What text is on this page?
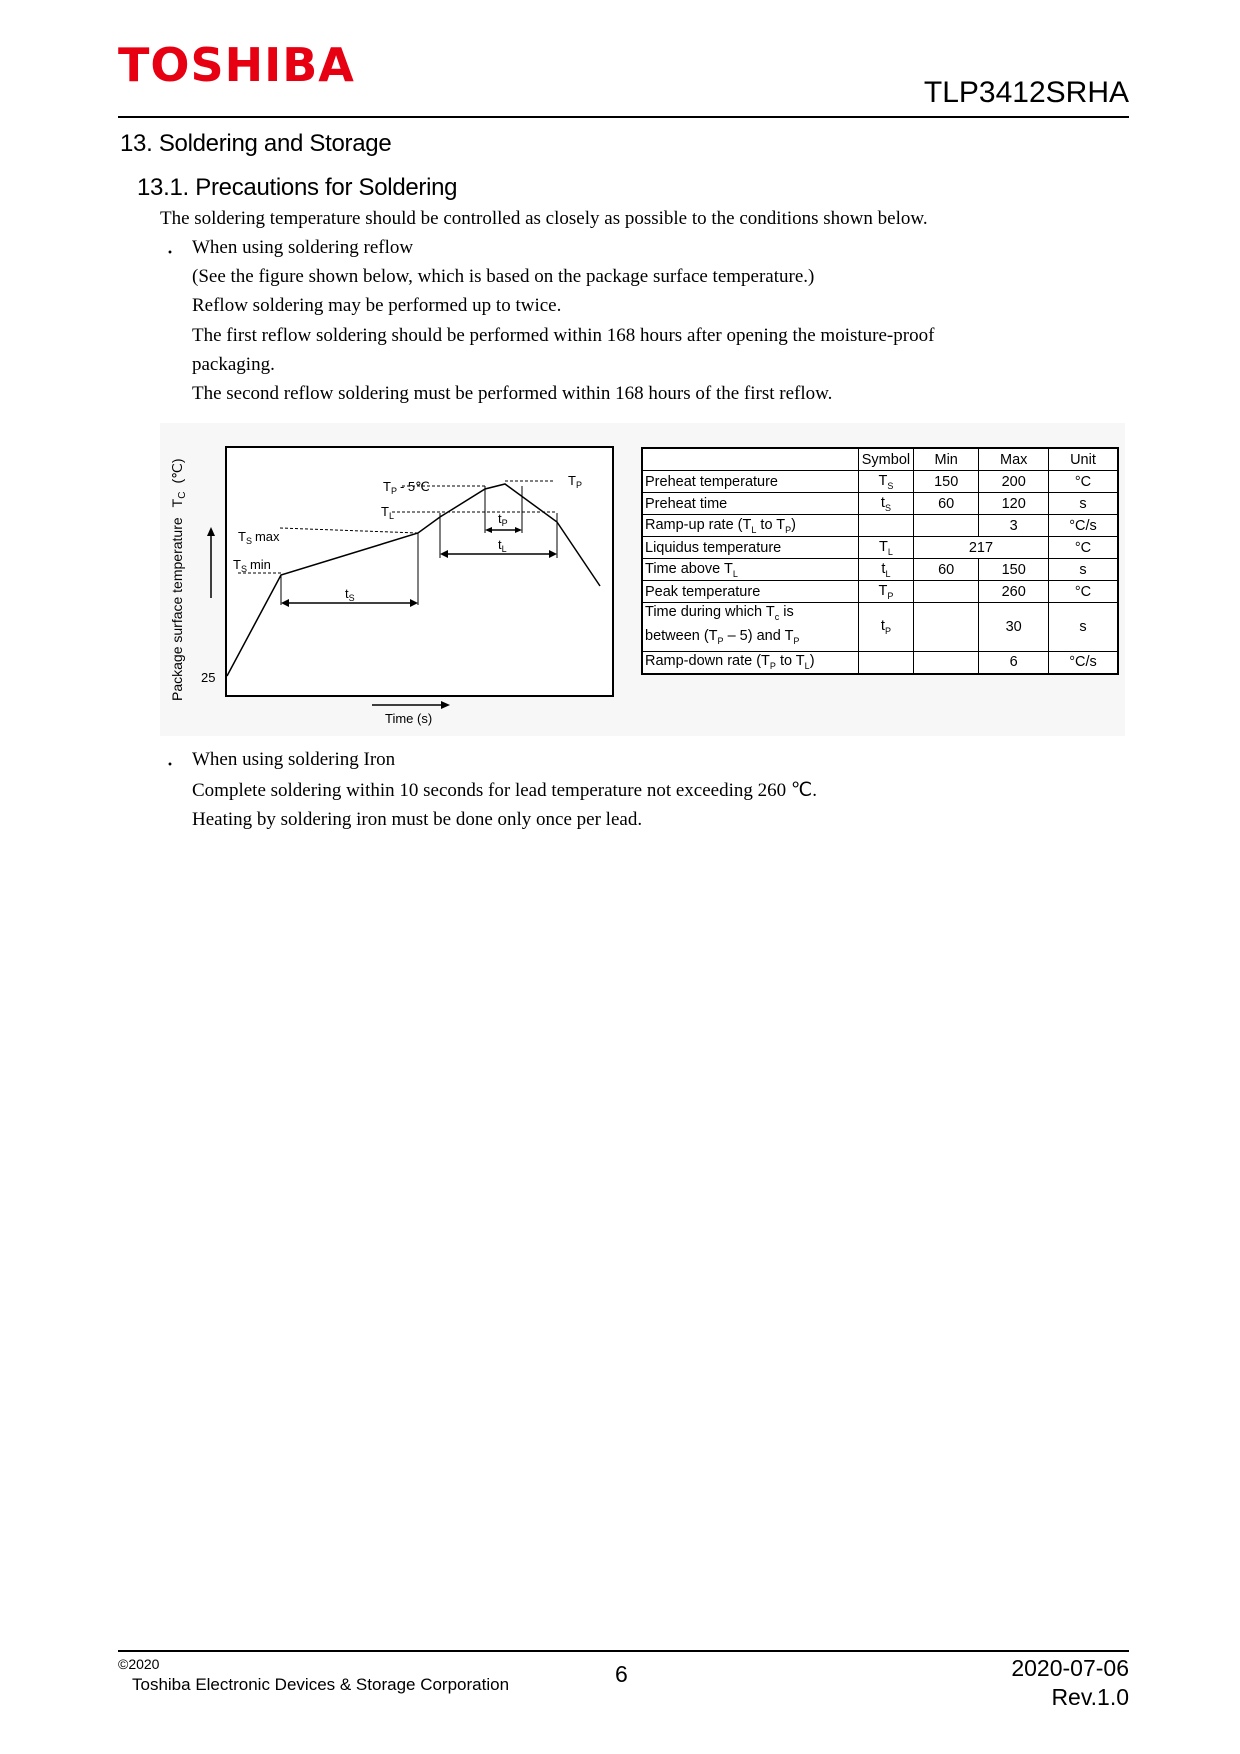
TOSHIBA
TLP3412SRHA
13. Soldering and Storage
13.1. Precautions for Soldering
The soldering temperature should be controlled as closely as possible to the conditions shown below.
・ When using soldering reflow
(See the figure shown below, which is based on the package surface temperature.)
Reflow soldering may be performed up to twice.
The first reflow soldering should be performed within 168 hours after opening the moisture-proof
packaging.
The second reflow soldering must be performed within 168 hours of the first reflow.
Package surface temperatureT$_C$(℃)
25
$T_P$ - 5℃	$T_P$
$T_L$
$T_S$ max
$T_S$ min
$t_P$
$t_L$
$t_S$
Time (s)
	Symbol	Min	Max	Unit
Preheat temperature	$T_S$	150	200	°C
Preheat time	$t_S$	60	120	s
Ramp-up rate ($T_L$ to $T_P$)			3	°C/s
Liquidus temperature	$T_L$	217		°C
Time above $T_L$	$t_L$	60	150	s
Peak temperature	$T_P$		260	°C
Time during which $T_c$ is
between $(T_P - 5)$ and $T_P$	$t_P$		30	s
Ramp-down rate ($T_P$ to $T_L$)			6	°C/s
・ When using soldering Iron
Complete soldering within 10 seconds for lead temperature not exceeding 260 ℃.
Heating by soldering iron must be done only once per lead.
©2020
Toshiba Electronic Devices & Storage Corporation	6	2020-07-06
Rev.1.0
